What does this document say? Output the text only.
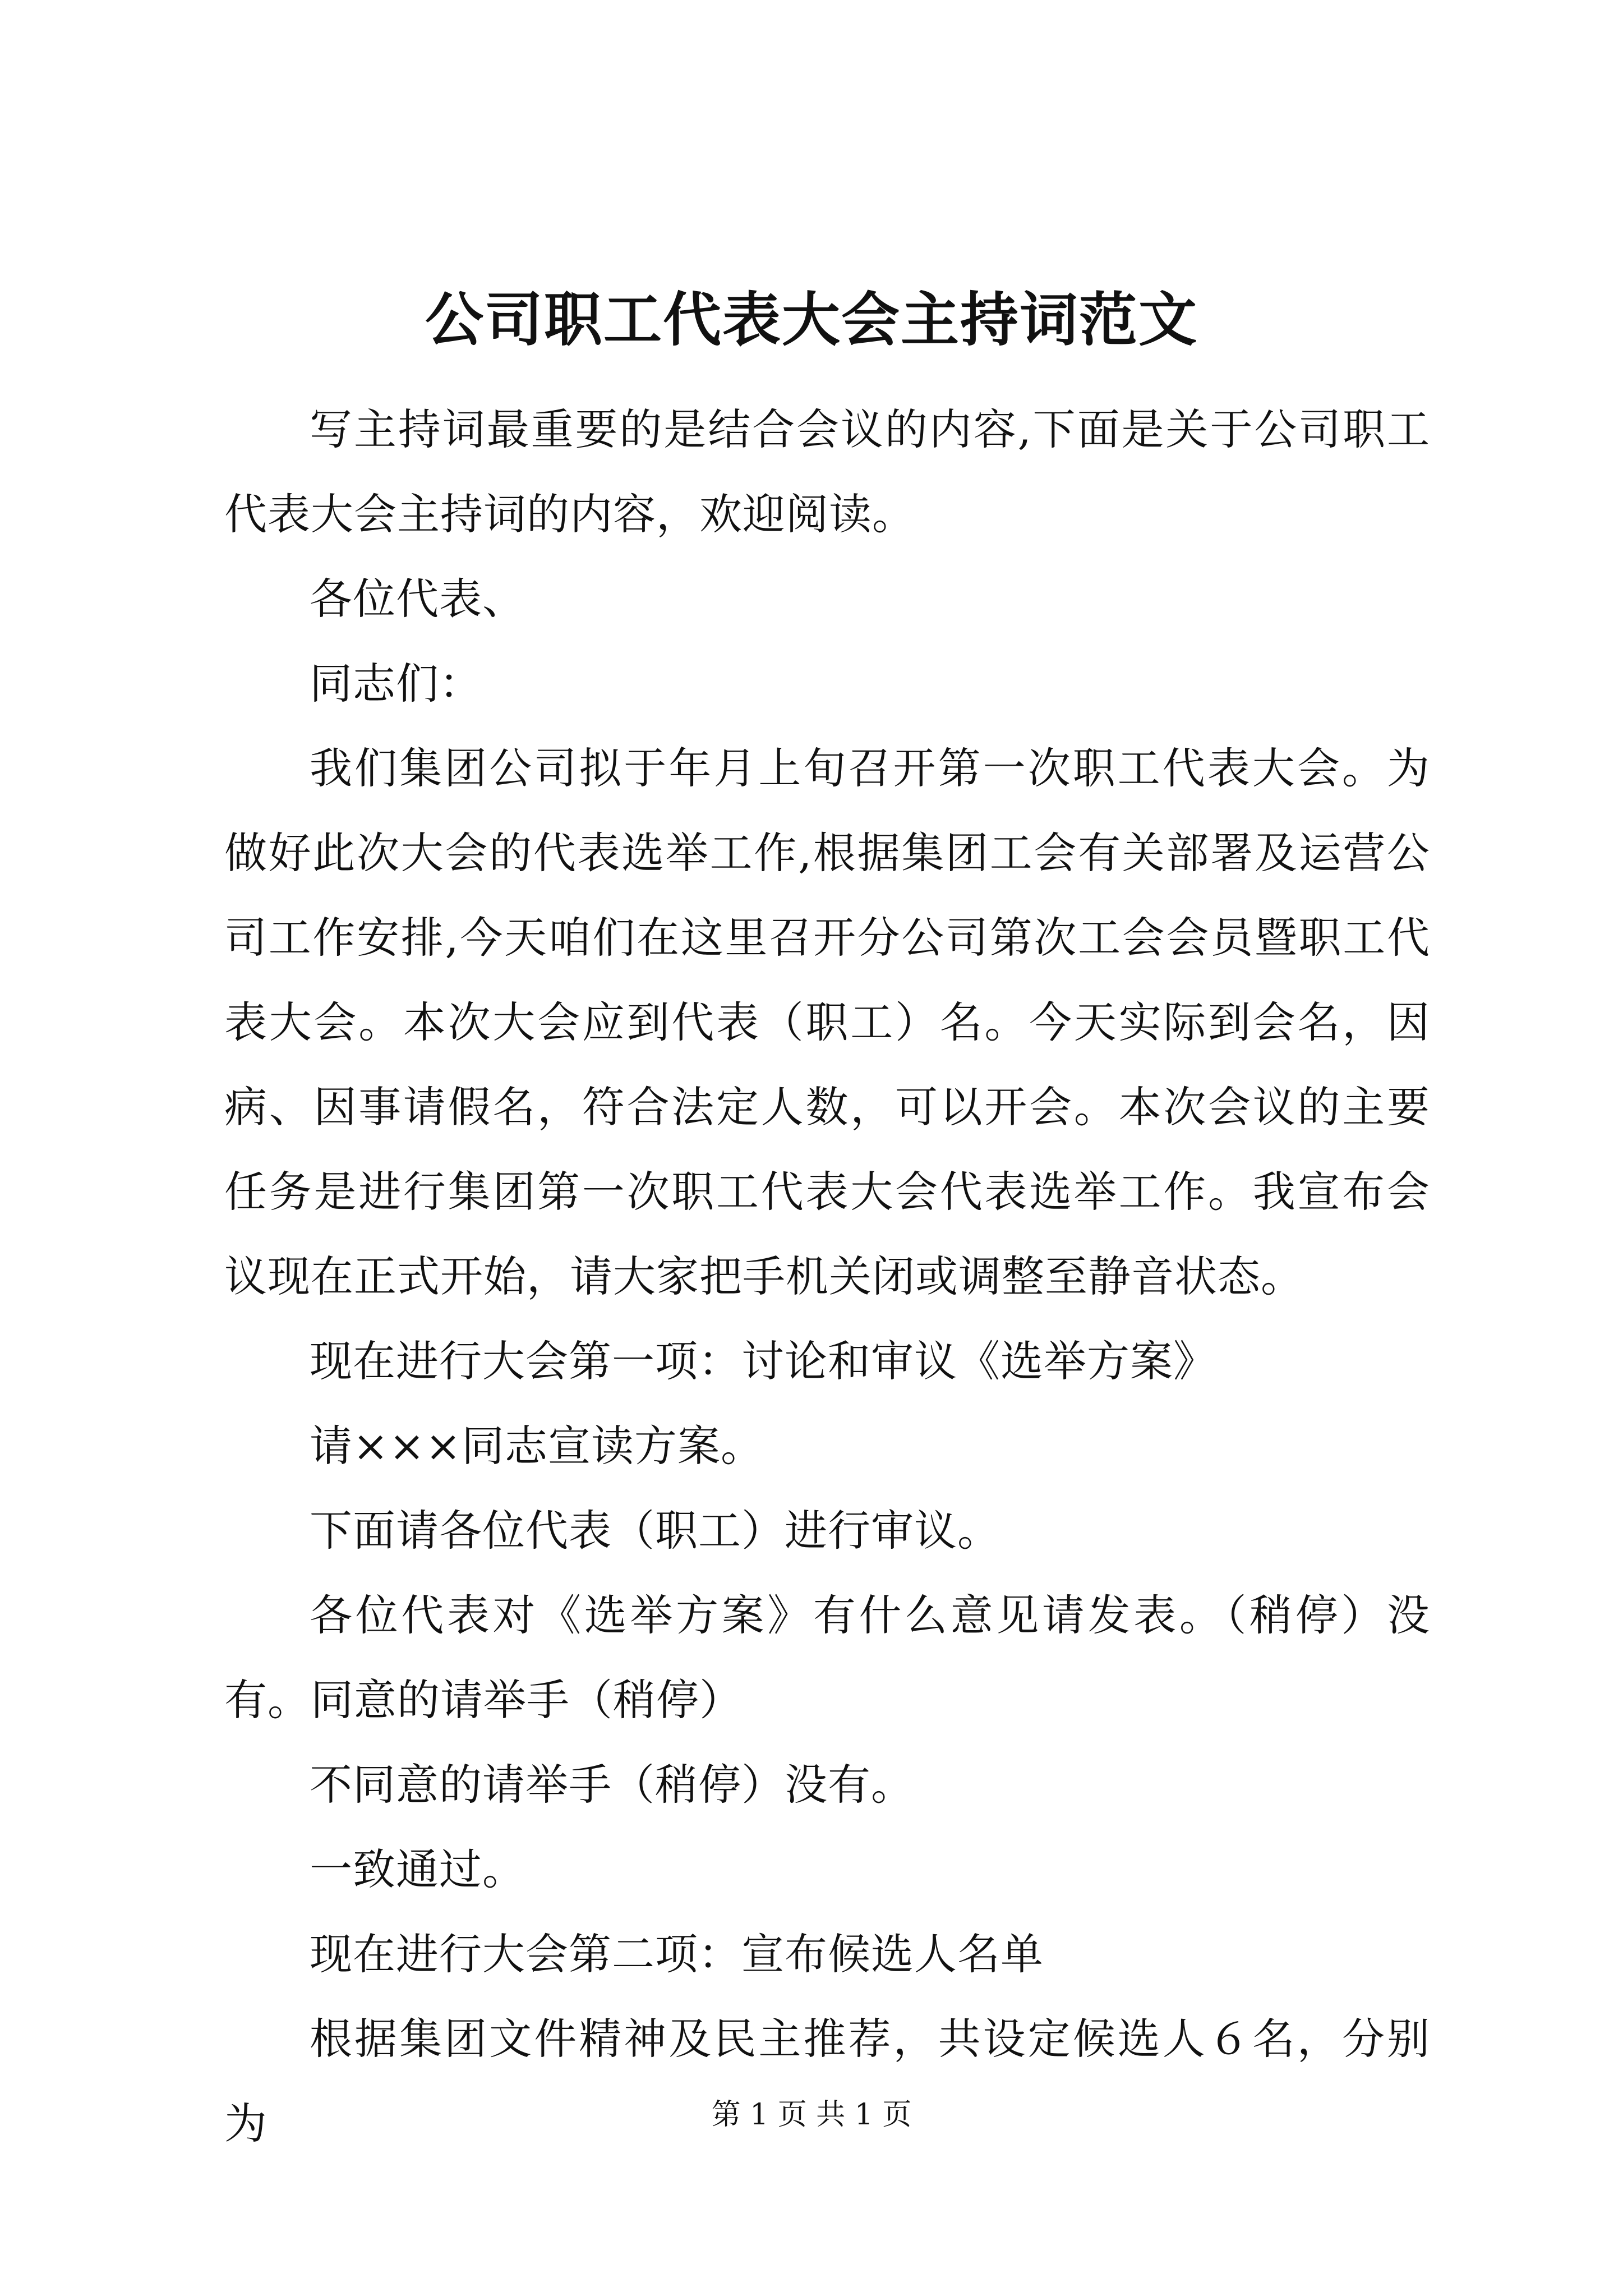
公司职工代表大会主持词范文

写主持词最重要的是结合会议的内容,下面是关于公司职工代表大会主持词的内容，欢迎阅读。

各位代表、

同志们：

我们集团公司拟于年月上旬召开第一次职工代表大会。为做好此次大会的代表选举工作,根据集团工会有关部署及运营公司工作安排,今天咱们在这里召开分公司第次工会会员暨职工代表大会。本次大会应到代表（职工）名。今天实际到会名，因病、因事请假名，符合法定人数，可以开会。本次会议的主要任务是进行集团第一次职工代表大会代表选举工作。我宣布会议现在正式开始，请大家把手机关闭或调整至静音状态。

现在进行大会第一项：讨论和审议《选举方案》

请×××同志宣读方案。

下面请各位代表（职工）进行审议。

各位代表对《选举方案》有什么意见请发表。（稍停）没有。同意的请举手（稍停）

不同意的请举手（稍停）没有。

一致通过。

现在进行大会第二项：宣布候选人名单

根据集团文件精神及民主推荐，共设定候选人６名，分别为	第 1 页 共 1 页
